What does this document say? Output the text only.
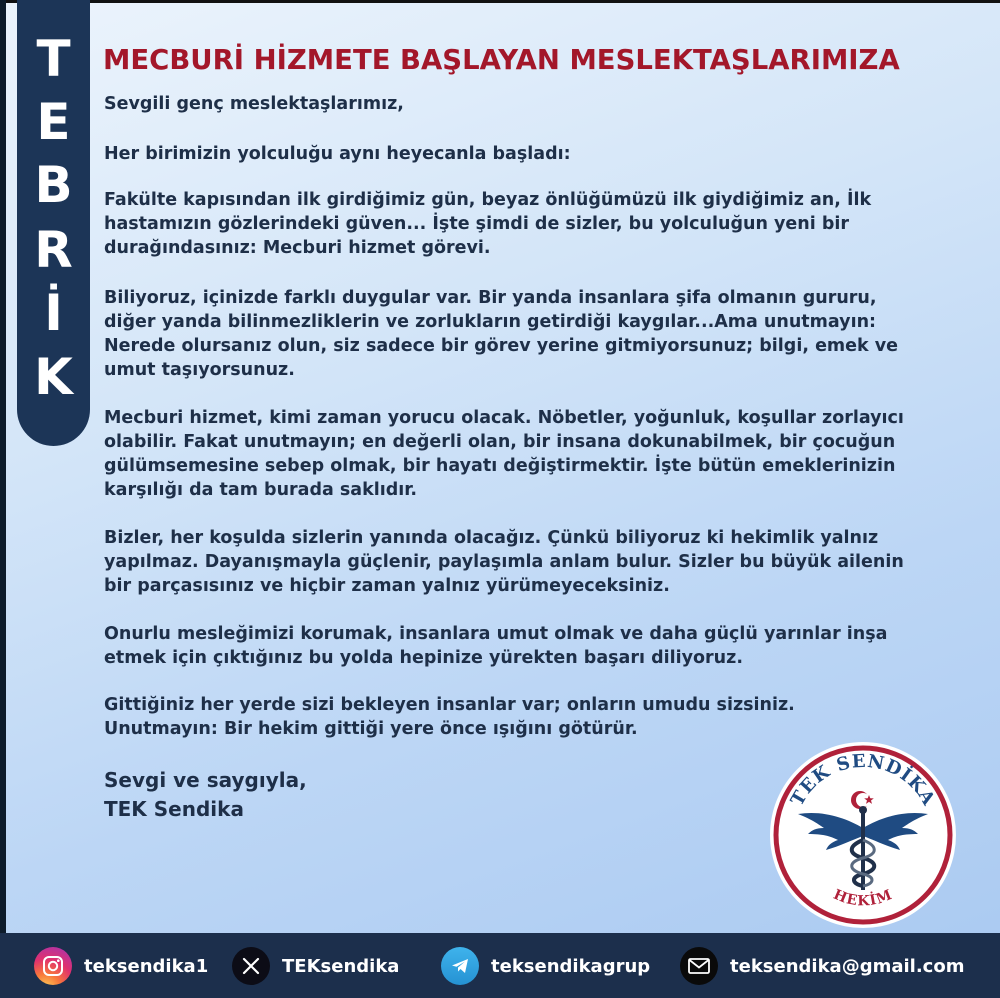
T
E
B
R
İ
K
MECBURİ HİZMETE BAŞLAYAN MESLEKTAŞLARIMIZA
Sevgili genç meslektaşlarımız,
Her birimizin yolculuğu aynı heyecanla başladı:
Fakülte kapısından ilk girdiğimiz gün, beyaz önlüğümüzü ilk giydiğimiz an, İlk
hastamızın gözlerindeki güven... İşte şimdi de sizler, bu yolculuğun yeni bir
durağındasınız: Mecburi hizmet görevi.
Biliyoruz, içinizde farklı duygular var. Bir yanda insanlara şifa olmanın gururu,
diğer yanda bilinmezliklerin ve zorlukların getirdiği kaygılar...Ama unutmayın:
Nerede olursanız olun, siz sadece bir görev yerine gitmiyorsunuz; bilgi, emek ve
umut taşıyorsunuz.
Mecburi hizmet, kimi zaman yorucu olacak. Nöbetler, yoğunluk, koşullar zorlayıcı
olabilir. Fakat unutmayın; en değerli olan, bir insana dokunabilmek, bir çocuğun
gülümsemesine sebep olmak, bir hayatı değiştirmektir. İşte bütün emeklerinizin
karşılığı da tam burada saklıdır.
Bizler, her koşulda sizlerin yanında olacağız. Çünkü biliyoruz ki hekimlik yalnız
yapılmaz. Dayanışmayla güçlenir, paylaşımla anlam bulur. Sizler bu büyük ailenin
bir parçasısınız ve hiçbir zaman yalnız yürümeyeceksiniz.
Onurlu mesleğimizi korumak, insanlara umut olmak ve daha güçlü yarınlar inşa
etmek için çıktığınız bu yolda hepinize yürekten başarı diliyoruz.
Gittiğiniz her yerde sizi bekleyen insanlar var; onların umudu sizsiniz.
Unutmayın: Bir hekim gittiği yere önce ışığını götürür.
Sevgi ve saygıyla,
TEK Sendika	TEK SENDİKA
HEKİM
teksendika1	TEKsendika	teksendikagrup	teksendika@gmail.com
